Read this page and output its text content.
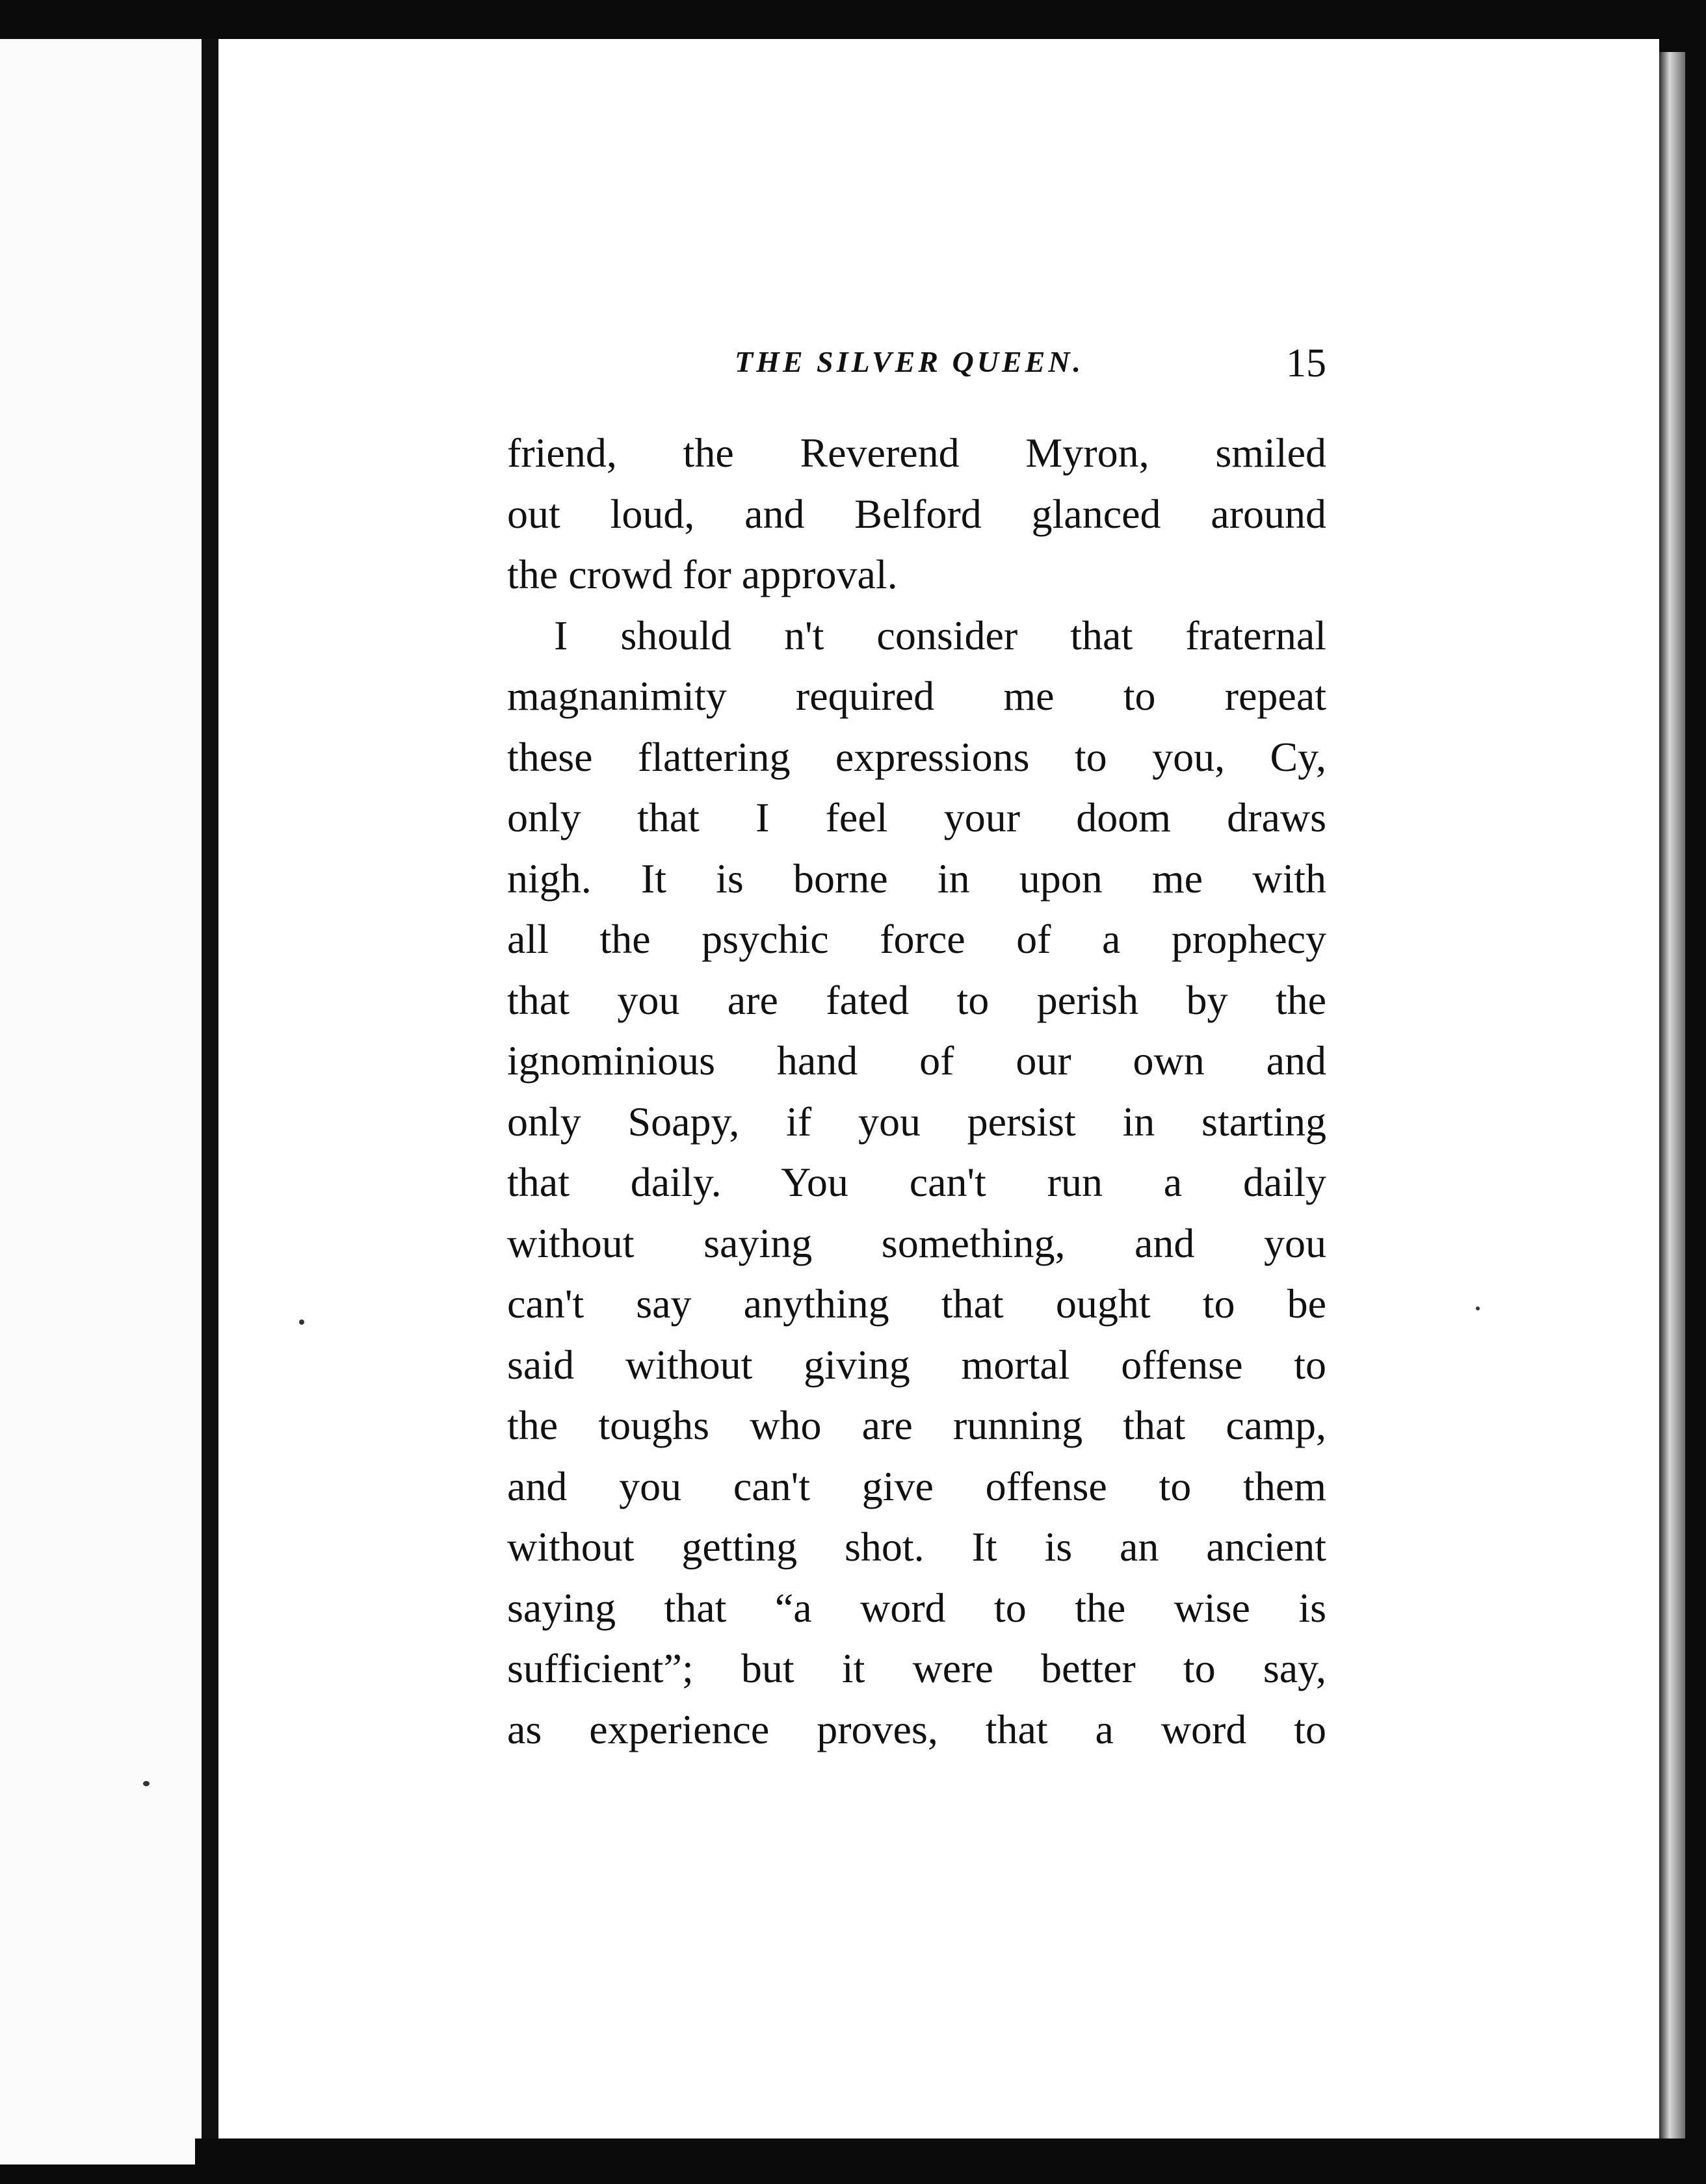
THE SILVER QUEEN.	15
friend, the Reverend Myron, smiled
out loud, and Belford glanced around
the crowd for approval.
I should n't consider that fraternal
magnanimity required me to repeat
these flattering expressions to you, Cy,
only that I feel your doom draws
nigh. It is borne in upon me with
all the psychic force of a prophecy
that you are fated to perish by the
ignominious hand of our own and
only Soapy, if you persist in starting
that daily. You can't run a daily
without saying something, and you
can't say anything that ought to be
said without giving mortal offense to
the toughs who are running that camp,
and you can't give offense to them
without getting shot. It is an ancient
saying that “a word to the wise is
sufficient”; but it were better to say,
as experience proves, that a word to
